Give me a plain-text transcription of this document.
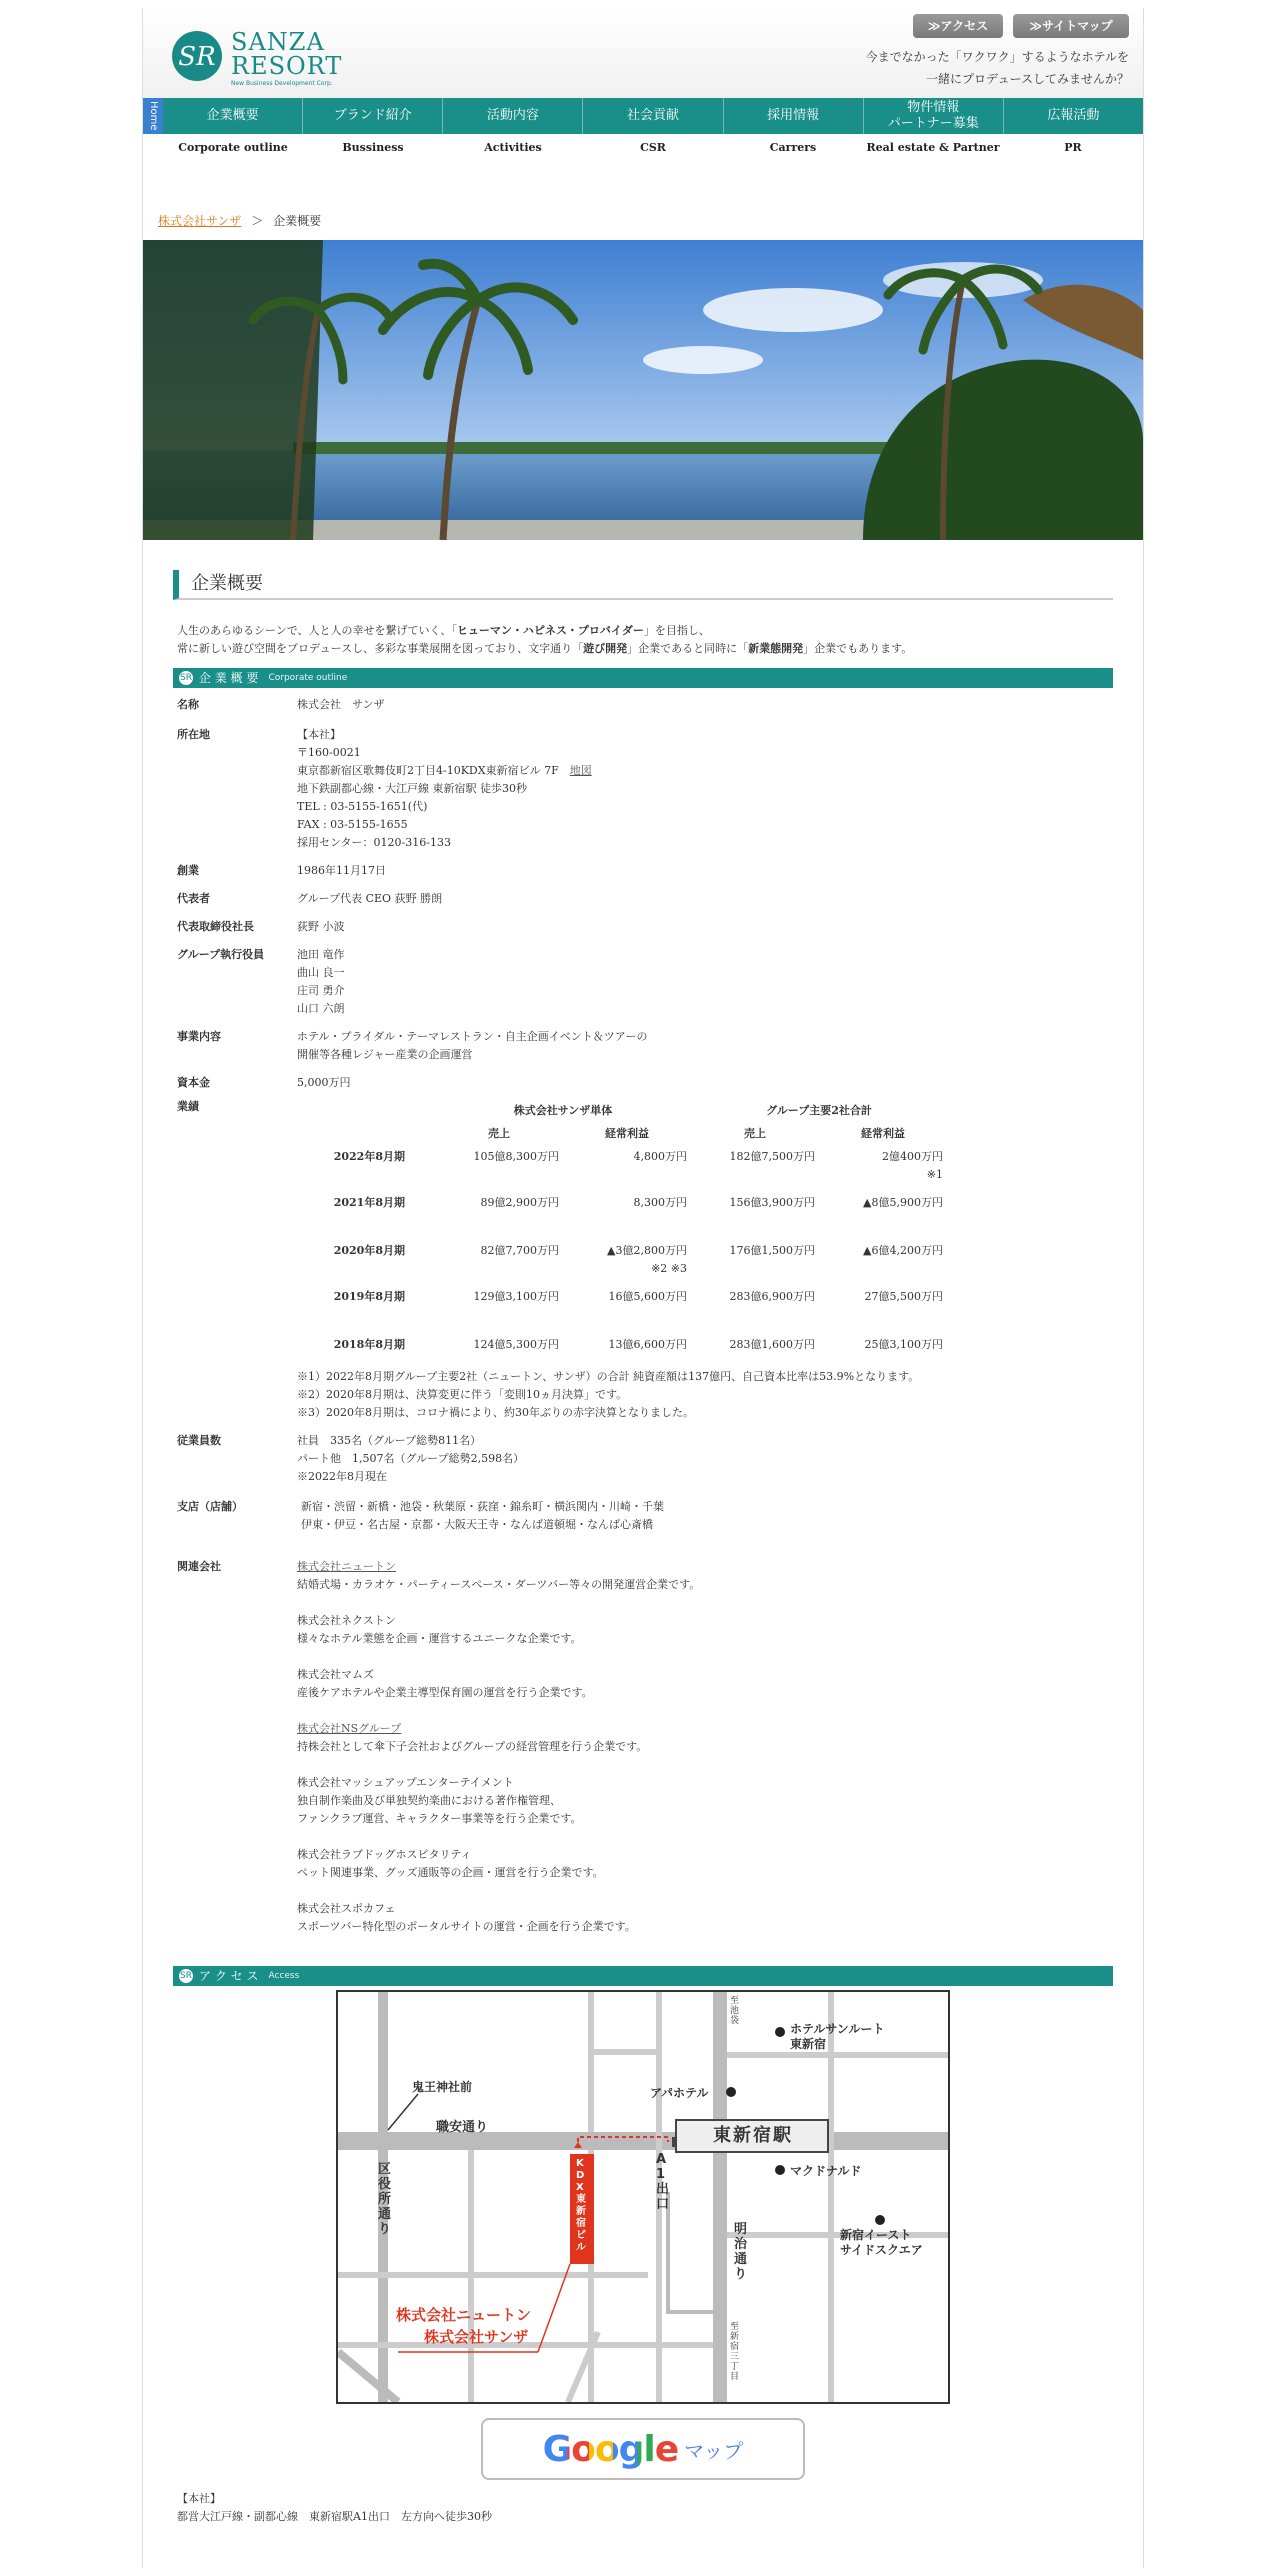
SR SANZA
RESORT
New Business Development Corp.
≫アクセス	≫サイトマップ
今までなかった「ワクワク」するようなホテルを
一緒にプロデュースしてみませんか？
Home	企業概要	ブランド紹介	活動内容	社会貢献	採用情報
物件情報
パートナー募集
広報活動
Corporate outline	Bussiness	Activities	CSR	Carrers	Real estate & Partner	PR
株式会社サンザ ＞ 企業概要
企業概要
人生のあらゆるシーンで、人と人の幸せを繋げていく、「ヒューマン・ハピネス・プロバイダー」を目指し、
常に新しい遊び空間をプロデュースし、多彩な事業展開を図っており、文字通り「遊び開発」企業であると同時に「新業態開発」企業でもあります。
SR 企 業 概 要 Corporate outline
名称	株式会社　サンザ
所在地	【本社】
〒160-0021
東京都新宿区歌舞伎町2丁目4-10KDX東新宿ビル 7F　 地図
地下鉄副都心線・大江戸線 東新宿駅 徒歩30秒
TEL : 03-5155-1651(代)
FAX : 03-5155-1655
採用センター：0120-316-133
創業	1986年11月17日
代表者	グループ代表 CEO 荻野 勝朗
代表取締役社長	荻野 小波
グループ執行役員	池田 竜作
曲山 良一
庄司 勇介
山口 六朗
事業内容	ホテル・ブライダル・テーマレストラン・自主企画イベント＆ツアーの
開催等各種レジャー産業の企画運営
資本金	5,000万円
業績
		株式会社サンザ単体		グループ主要2社合計	
	売上	経常利益	売上	経常利益
2022年8月期	105億8,300万円	4,800万円	182億7,500万円	2億400万円
				※1

2021年8月期	89億2,900万円	8,300万円	156億3,900万円	▲8億5,900万円

2020年8月期	82億7,700万円	▲3億2,800万円	176億1,500万円	▲6億4,200万円
		※2 ※3		

2019年8月期	129億3,100万円	16億5,600万円	283億6,900万円	27億5,500万円

2018年8月期	124億5,300万円	13億6,600万円	283億1,600万円	25億3,100万円
※1）2022年8月期グループ主要2社（ニュートン、サンザ）の合計 純資産額は137億円、自己資本比率は53.9%となります。
※2）2020年8月期は、決算変更に伴う「変則10ヵ月決算」です。
※3）2020年8月期は、コロナ禍により、約30年ぶりの赤字決算となりました。
従業員数	社員　335名（グループ総勢811名）
パート他　1,507名（グループ総勢2,598名）
※2022年8月現在
支店（店舗）	新宿・渋留・新橋・池袋・秋葉原・荻窪・錦糸町・横浜関内・川崎・千葉
伊東・伊豆・名古屋・京都・大阪天王寺・なんば道頓堀・なんば心斎橋
関連会社	株式会社ニュートン
結婚式場・カラオケ・パーティースペース・ダーツバー等々の開発運営企業です。
株式会社ネクストン
様々なホテル業態を企画・運営するユニークな企業です。
株式会社マムズ
産後ケアホテルや企業主導型保育園の運営を行う企業です。
株式会社NSグループ
持株会社として傘下子会社およびグループの経営管理を行う企業です。
株式会社マッシュアップエンターテイメント
独自制作楽曲及び単独契約楽曲における著作権管理、
ファンクラブ運営、キャラクター事業等を行う企業です。
株式会社ラブドッグホスピタリティ
ペット関連事業、グッズ通販等の企画・運営を行う企業です。
株式会社スポカフェ
スポーツバー特化型のポータルサイトの運営・企画を行う企業です。
SR ア ク セ ス Access
東新宿駅
職安通り
区役所通り	明治通り
至池袋
至新宿三丁目
鬼王神社前	アパホテル
ホテルサンルート
東新宿
マクドナルド
新宿イースト
サイドスクエア
A1出口
KDX東新宿ビル
株式会社ニュートン
株式会社サンザ
Google マップ
【本社】
都営大江戸線・副都心線　東新宿駅A1出口　左方向へ徒歩30秒
